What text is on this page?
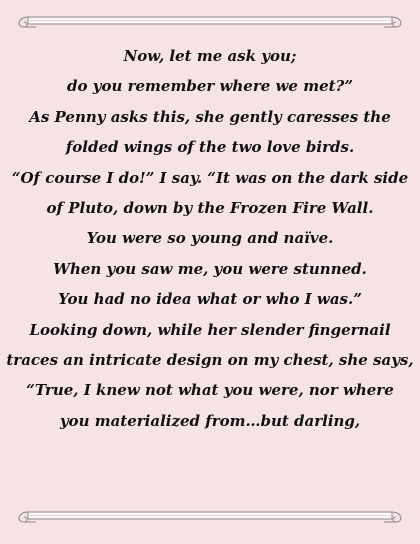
Now, let me ask you;
do you remember where we met?”
As Penny asks this, she gently caresses the
folded wings of the two love birds.
“Of course I do!” I say. “It was on the dark side
of Pluto, down by the Frozen Fire Wall.
You were so young and naïve.
When you saw me, you were stunned.
You had no idea what or who I was.”
Looking down, while her slender fingernail
traces an intricate design on my chest, she says,
“True, I knew not what you were, nor where
you materialized from…but darling,
